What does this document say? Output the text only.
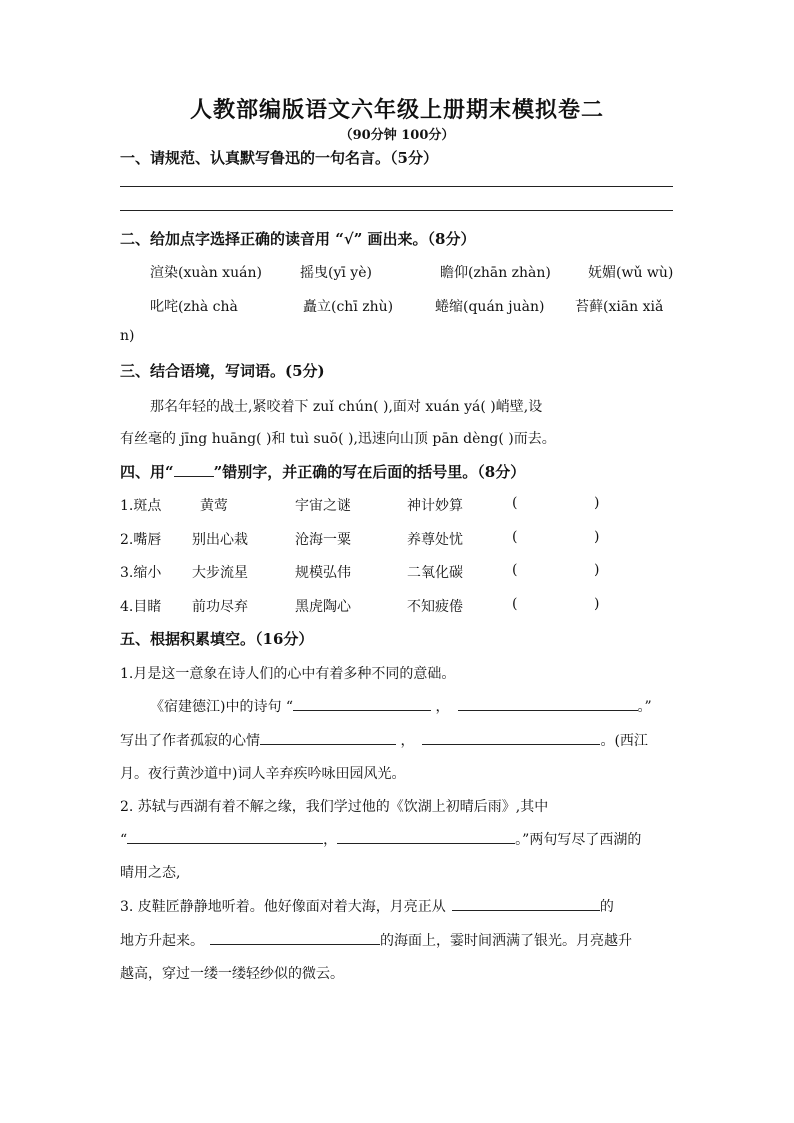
人教部编版语文六年级上册期末模拟卷二
（90分钟 100分）
一、请规范、认真默写鲁迅的一句名言。（5分）
二、给加点字选择正确的读音用 “√” 画出来。（8分）
渲染(xuàn xuán)	摇曳(yī yè)	瞻仰(zhān zhàn)	妩媚(wǔ wù)
叱咤(zhà chà	矗立(chī zhù)	蜷缩(quán juàn) 苔藓(xiān xiǎ
n)
三、结合语境，写词语。(5分)
那名年轻的战士,紧咬着下 zuǐ chún( ),面对 xuán yá( )峭壁,设
有丝毫的 jīng huāng( )和 tuì suō( ),迅速向山顶 pān dèng( )而去。
四、用“	”错别字，并正确的写在后面的括号里。（8分）
1.斑点	黄莺	宇宙之谜	神计妙算	(	)
2.嘴唇 别出心栽	沧海一粟	养尊处忧	(	)
3.缩小 大步流星	规模弘伟	二氧化碳	(	)
4.目睹 前功尽弃	黑虎陶心	不知疲倦	(	)
五、根据积累填空。（16分）
1.月是这一意象在诗人们的心中有着多种不同的意础。
《宿建德江)中的诗句 “	，	。”
写出了作者孤寂的心情	，	。(西江
月。夜行黄沙道中)词人辛弃疾吟咏田园风光。
2. 苏轼与西湖有着不解之缘，我们学过他的《饮湖上初晴后雨》,其中
“	，	。”两句写尽了西湖的
晴用之态,
3. 皮鞋匠静静地听着。他好像面对着大海，月亮正从	的
地方升起来。	的海面上，霎时间洒满了银光。月亮越升
越高，穿过一缕一缕轻纱似的微云。
